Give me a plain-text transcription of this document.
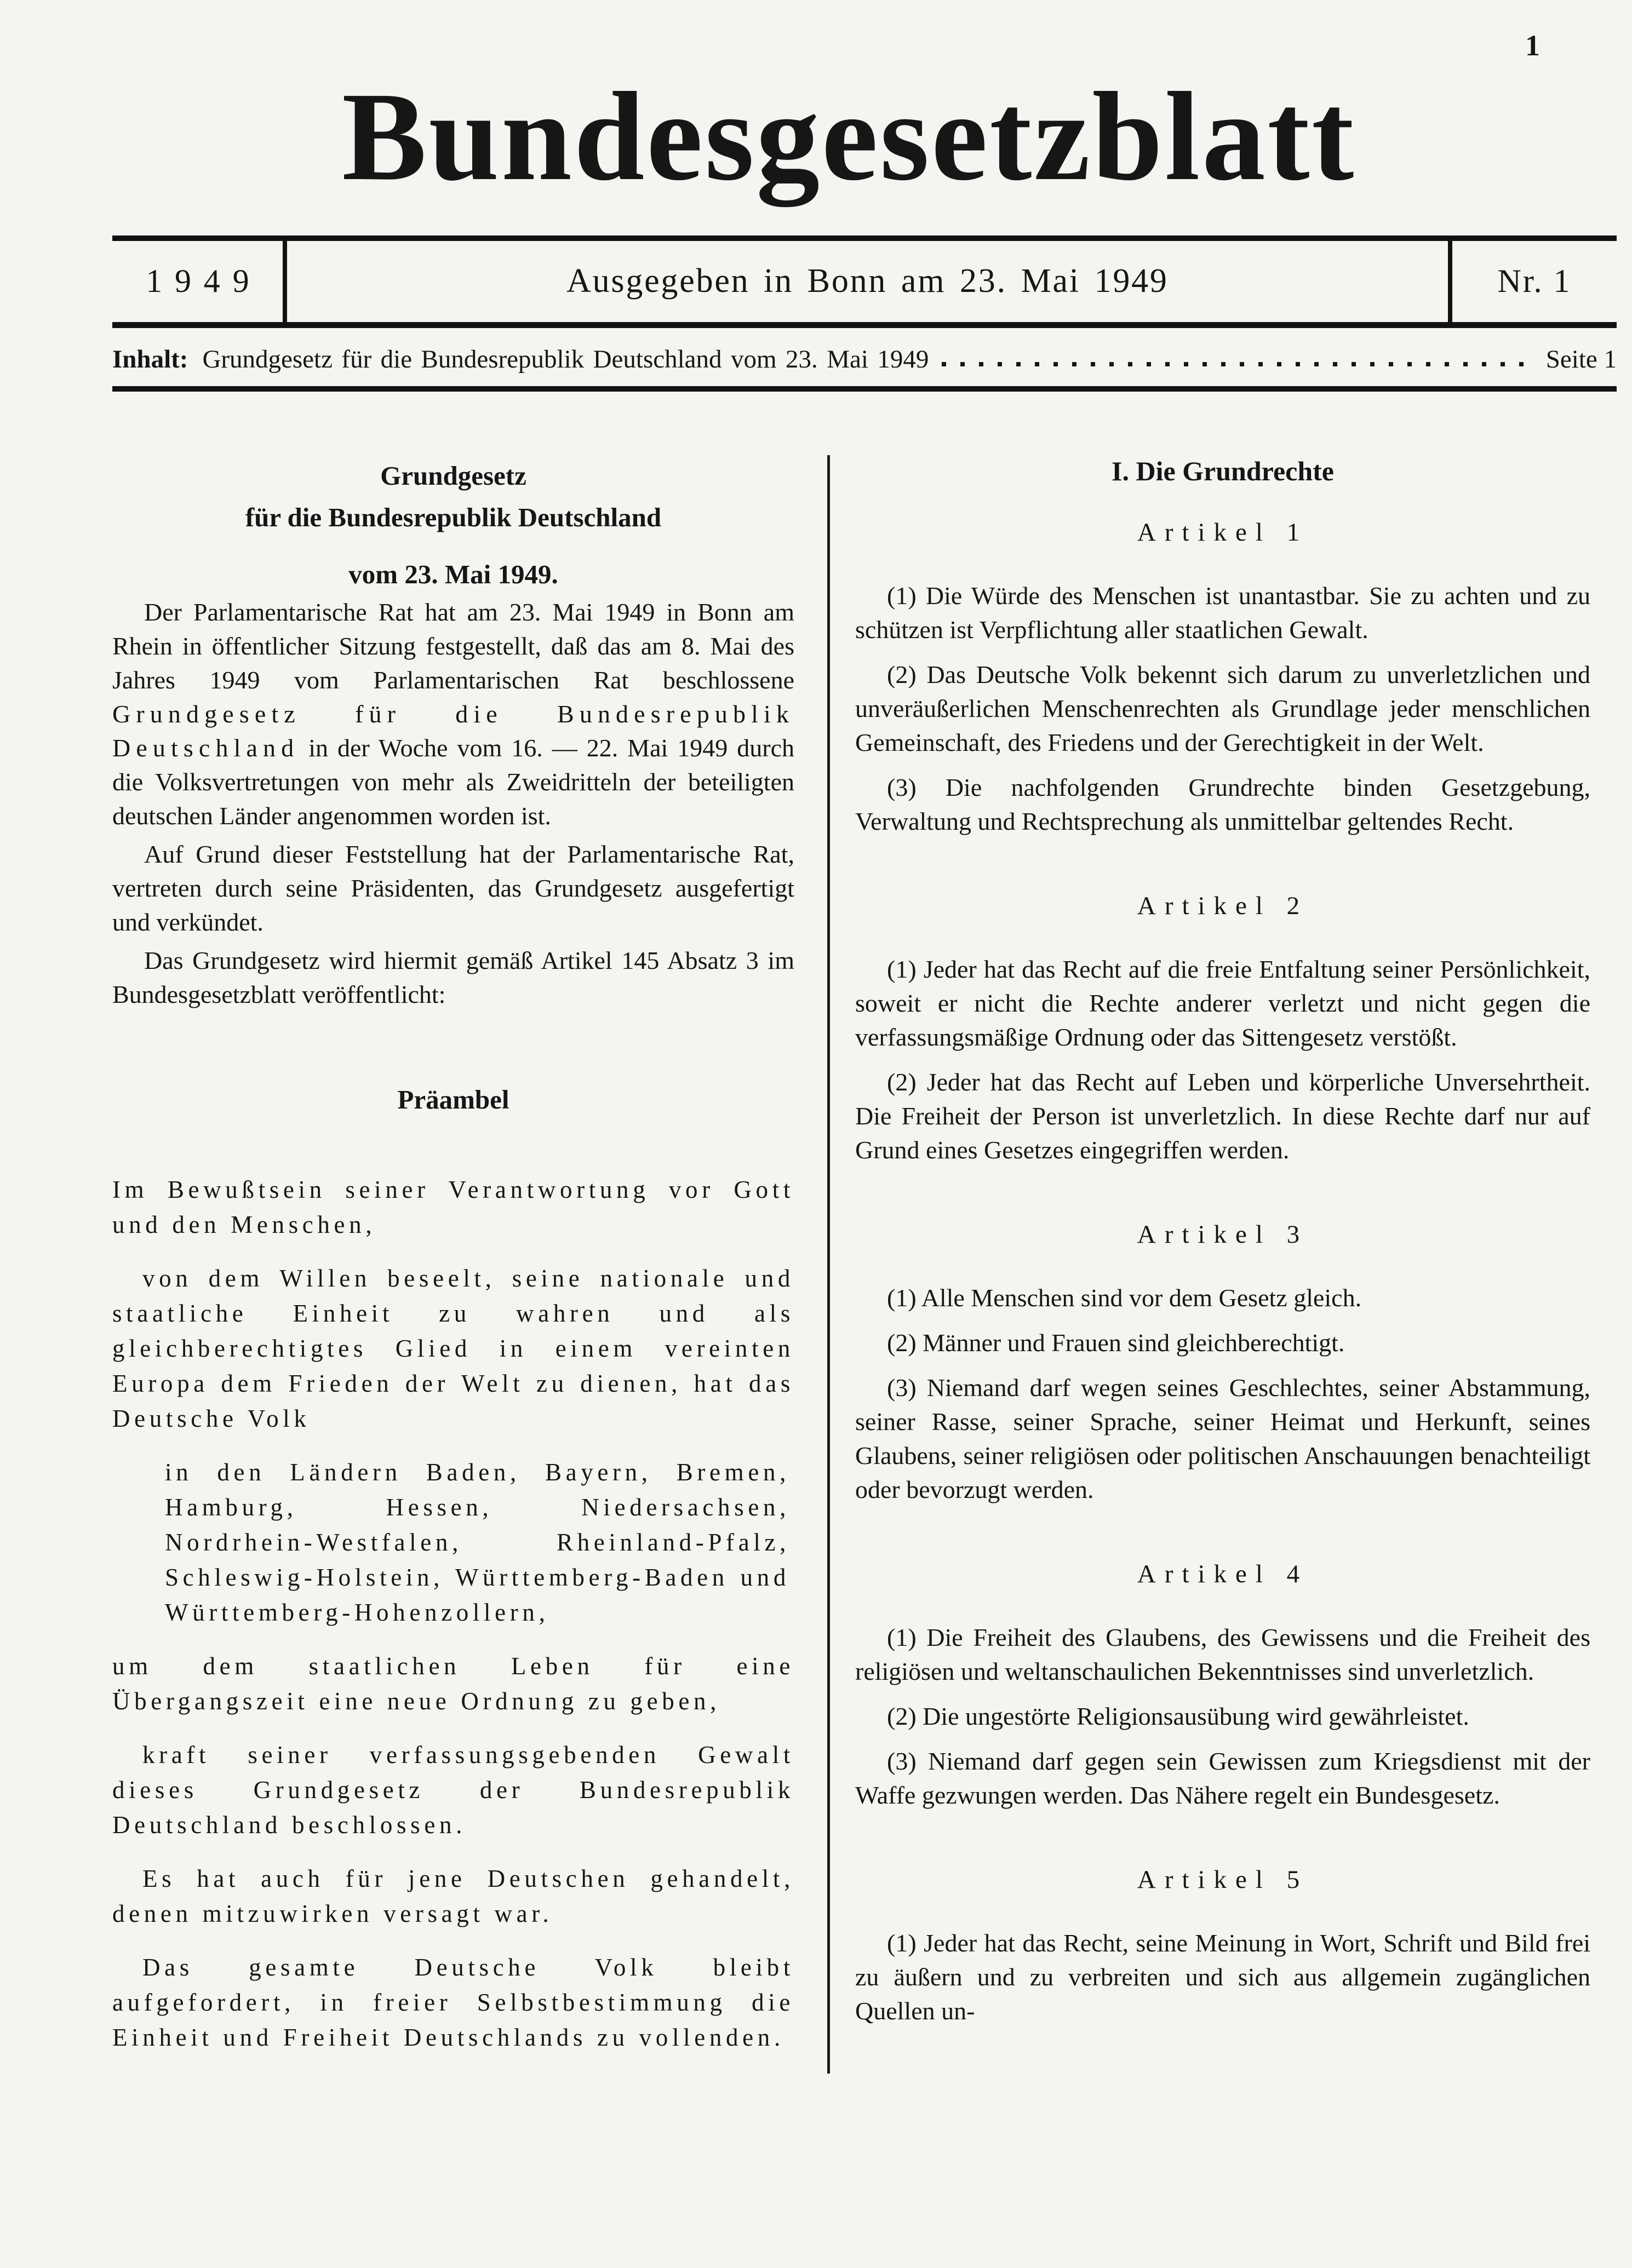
1
Bundesgesetzblatt
1949	Ausgegeben in Bonn am 23. Mai 1949	Nr. 1
Inhalt: Grundgesetz für die Bundesrepublik Deutschland vom 23. Mai 1949	Seite 1
Grundgesetz
für die Bundesrepublik Deutschland
vom 23. Mai 1949.

Der Parlamentarische Rat hat am 23. Mai 1949 in Bonn am Rhein in öffentlicher Sitzung festgestellt, daß das am 8. Mai des Jahres 1949 vom Parlamentarischen Rat beschlossene Grundgesetz für die Bundesrepublik Deutschland in der Woche vom 16. — 22. Mai 1949 durch die Volksvertretungen von mehr als Zweidritteln der beteiligten deutschen Länder angenommen worden ist.

Auf Grund dieser Feststellung hat der Parlamentarische Rat, vertreten durch seine Präsidenten, das Grundgesetz ausgefertigt und verkündet.

Das Grundgesetz wird hiermit gemäß Artikel 145 Absatz 3 im Bundesgesetzblatt veröffentlicht:

Präambel

Im Bewußtsein seiner Verantwortung vor Gott und den Menschen,

von dem Willen beseelt, seine nationale und staatliche Einheit zu wahren und als gleichberechtigtes Glied in einem vereinten Europa dem Frieden der Welt zu dienen, hat das Deutsche Volk

in den Ländern Baden, Bayern, Bremen, Hamburg, Hessen, Niedersachsen, Nordrhein-Westfalen, Rheinland-Pfalz, Schleswig-Holstein, Württemberg-Baden und Württemberg-Hohenzollern,

um dem staatlichen Leben für eine Übergangszeit eine neue Ordnung zu geben,

kraft seiner verfassungsgebenden Gewalt dieses Grundgesetz der Bundesrepublik Deutschland beschlossen.

Es hat auch für jene Deutschen gehandelt, denen mitzuwirken versagt war.

Das gesamte Deutsche Volk bleibt aufgefordert, in freier Selbstbestimmung die Einheit und Freiheit Deutschlands zu vollenden.

I. Die Grundrechte
Artikel 1

(1) Die Würde des Menschen ist unantastbar. Sie zu achten und zu schützen ist Verpflichtung aller staatlichen Gewalt.

(2) Das Deutsche Volk bekennt sich darum zu unverletzlichen und unveräußerlichen Menschenrechten als Grundlage jeder menschlichen Gemeinschaft, des Friedens und der Gerechtigkeit in der Welt.

(3) Die nachfolgenden Grundrechte binden Gesetzgebung, Verwaltung und Rechtsprechung als unmittelbar geltendes Recht.

Artikel 2

(1) Jeder hat das Recht auf die freie Entfaltung seiner Persönlichkeit, soweit er nicht die Rechte anderer verletzt und nicht gegen die verfassungsmäßige Ordnung oder das Sittengesetz verstößt.

(2) Jeder hat das Recht auf Leben und körperliche Unversehrtheit. Die Freiheit der Person ist unverletzlich. In diese Rechte darf nur auf Grund eines Gesetzes eingegriffen werden.

Artikel 3

(1) Alle Menschen sind vor dem Gesetz gleich.

(2) Männer und Frauen sind gleichberechtigt.

(3) Niemand darf wegen seines Geschlechtes, seiner Abstammung, seiner Rasse, seiner Sprache, seiner Heimat und Herkunft, seines Glaubens, seiner religiösen oder politischen Anschauungen benachteiligt oder bevorzugt werden.

Artikel 4

(1) Die Freiheit des Glaubens, des Gewissens und die Freiheit des religiösen und weltanschaulichen Bekenntnisses sind unverletzlich.

(2) Die ungestörte Religionsausübung wird gewährleistet.

(3) Niemand darf gegen sein Gewissen zum Kriegsdienst mit der Waffe gezwungen werden. Das Nähere regelt ein Bundesgesetz.

Artikel 5

(1) Jeder hat das Recht, seine Meinung in Wort, Schrift und Bild frei zu äußern und zu verbreiten und sich aus allgemein zugänglichen Quellen un-
